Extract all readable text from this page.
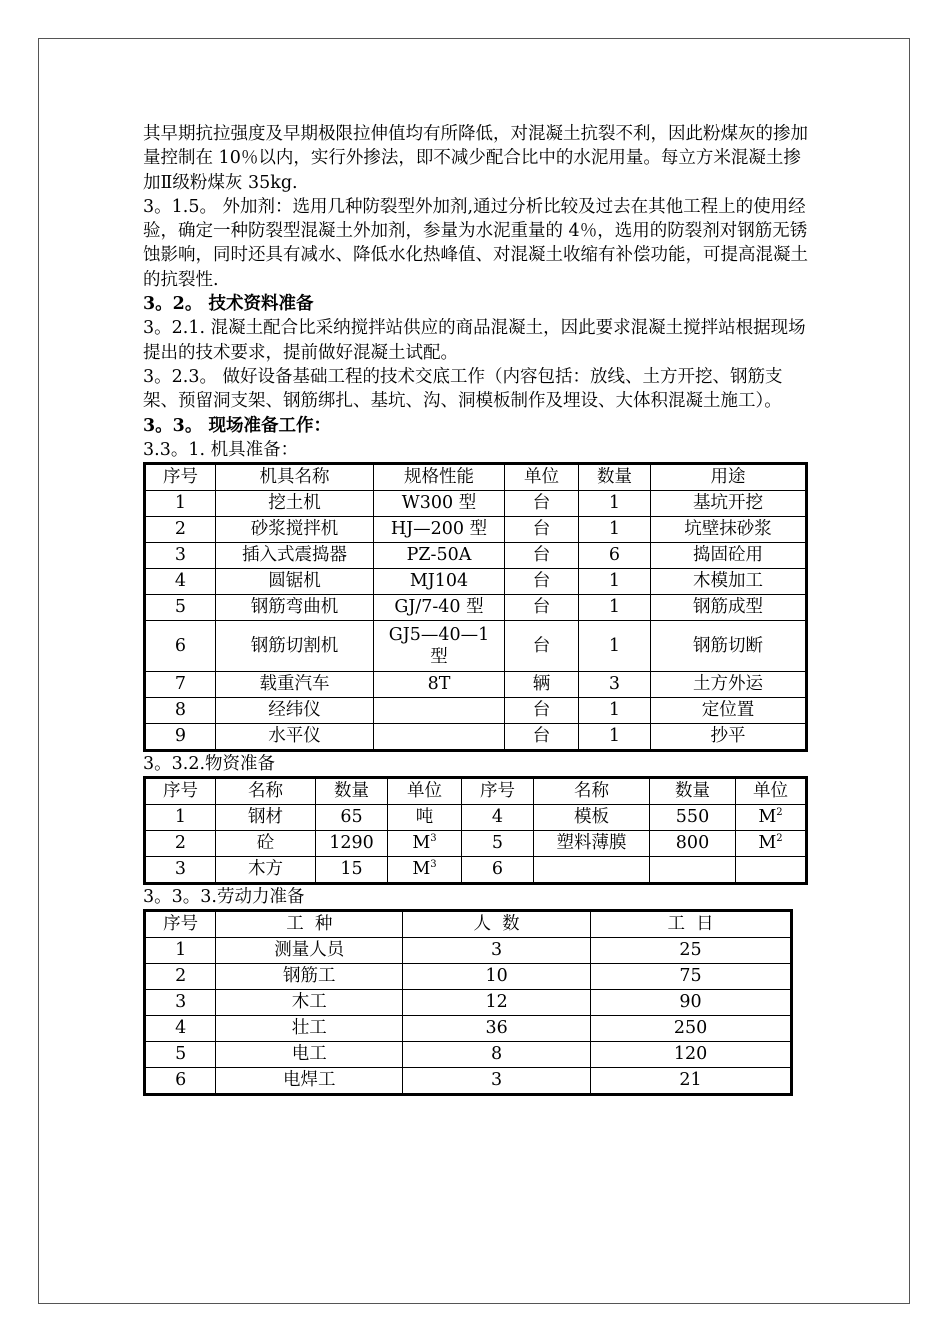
其早期抗拉强度及早期极限拉伸值均有所降低，对混凝土抗裂不利，因此粉煤灰的掺加量控制在 10％以内，实行外掺法，即不减少配合比中的水泥用量。每立方米混凝土掺加Ⅱ级粉煤灰 35kg.

3。1.5。 外加剂：选用几种防裂型外加剂,通过分析比较及过去在其他工程上的使用经验，确定一种防裂型混凝土外加剂，参量为水泥重量的 4％，选用的防裂剂对钢筋无锈蚀影响，同时还具有减水、降低水化热峰值、对混凝土收缩有补偿功能，可提高混凝土的抗裂性.

3。2。 技术资料准备

3。2.1. 混凝土配合比采纳搅拌站供应的商品混凝土，因此要求混凝土搅拌站根据现场提出的技术要求，提前做好混凝土试配。

3。2.3。 做好设备基础工程的技术交底工作（内容包括：放线、土方开挖、钢筋支架、预留洞支架、钢筋绑扎、基坑、沟、洞模板制作及埋设、大体积混凝土施工）。

3。3。 现场准备工作：

3.3。1. 机具准备：

序号	机具名称	规格性能	单位	数量	用途
1	挖土机	W300 型	台	1	基坑开挖
2	砂浆搅拌机	HJ—200 型	台	1	坑壁抹砂浆
3	插入式震捣器	PZ-50A	台	6	捣固砼用
4	圆锯机	MJ104	台	1	木模加工
5	钢筋弯曲机	GJ/7-40 型	台	1	钢筋成型
6	钢筋切割机	GJ5—40—1 型	台	1	钢筋切断
7	载重汽车	8T	辆	3	土方外运
8	经纬仪		台	1	定位置
9	水平仪		台	1	抄平

3。3.2.物资准备

序号	名称	数量	单位	序号	名称	数量	单位
1	钢材	65	吨	4	模板	550	$M^2$
2	砼	1290	$M^3$	5	塑料薄膜	800	$M^2$
3	木方	15	$M^3$	6			

3。3。3.劳动力准备

序号	工  种	人  数	工  日
1	测量人员	3	25
2	钢筋工	10	75
3	木工	12	90
4	壮工	36	250
5	电工	8	120
6	电焊工	3	21
